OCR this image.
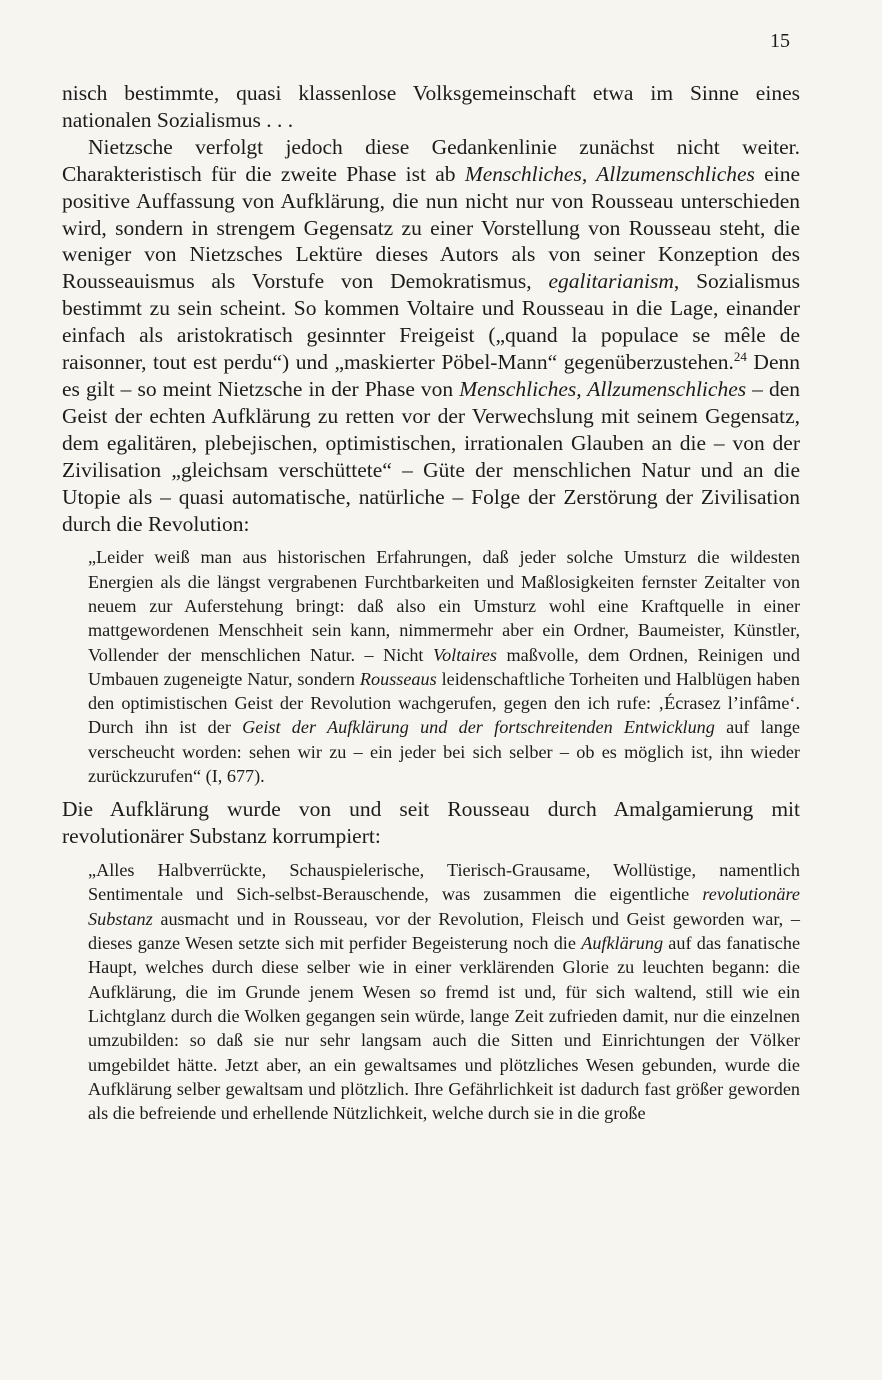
15

nisch bestimmte, quasi klassenlose Volksgemeinschaft etwa im Sinne eines nationalen Sozialismus . . .

Nietzsche verfolgt jedoch diese Gedankenlinie zunächst nicht weiter. Charakteristisch für die zweite Phase ist ab Menschliches, Allzumenschliches eine positive Auffassung von Aufklärung, die nun nicht nur von Rousseau unterschieden wird, sondern in strengem Gegensatz zu einer Vorstellung von Rousseau steht, die weniger von Nietzsches Lektüre dieses Autors als von seiner Konzeption des Rousseauismus als Vorstufe von Demokratismus, egalitarianism, Sozialismus bestimmt zu sein scheint. So kommen Voltaire und Rousseau in die Lage, einander einfach als aristokratisch gesinnter Freigeist („quand la populace se mêle de raisonner, tout est perdu“) und „maskierter Pöbel-Mann“ gegenüberzustehen.$^{24}$ Denn es gilt – so meint Nietzsche in der Phase von Menschliches, Allzumenschliches – den Geist der echten Aufklärung zu retten vor der Verwechslung mit seinem Gegensatz, dem egalitären, plebejischen, optimistischen, irrationalen Glauben an die – von der Zivilisation „gleichsam verschüttete“ – Güte der menschlichen Natur und an die Utopie als – quasi automatische, natürliche – Folge der Zerstörung der Zivilisation durch die Revolution:

„Leider weiß man aus historischen Erfahrungen, daß jeder solche Umsturz die wildesten Energien als die längst vergrabenen Furchtbarkeiten und Maßlosigkeiten fernster Zeitalter von neuem zur Auferstehung bringt: daß also ein Umsturz wohl eine Kraftquelle in einer mattgewordenen Menschheit sein kann, nimmermehr aber ein Ordner, Baumeister, Künstler, Vollender der menschlichen Natur. – Nicht Voltaires maßvolle, dem Ordnen, Reinigen und Umbauen zugeneigte Natur, sondern Rousseaus leidenschaftliche Torheiten und Halblügen haben den optimistischen Geist der Revolution wachgerufen, gegen den ich rufe: ‚Écrasez l’infâme‘. Durch ihn ist der Geist der Aufklärung und der fortschreitenden Entwicklung auf lange verscheucht worden: sehen wir zu – ein jeder bei sich selber – ob es möglich ist, ihn wieder zurückzurufen“ (I, 677).

Die Aufklärung wurde von und seit Rousseau durch Amalgamierung mit revolutionärer Substanz korrumpiert:

„Alles Halbverrückte, Schauspielerische, Tierisch-Grausame, Wollüstige, namentlich Sentimentale und Sich-selbst-Berauschende, was zusammen die eigentliche revolutionäre Substanz ausmacht und in Rousseau, vor der Revolution, Fleisch und Geist geworden war, – dieses ganze Wesen setzte sich mit perfider Begeisterung noch die Aufklärung auf das fanatische Haupt, welches durch diese selber wie in einer verklärenden Glorie zu leuchten begann: die Aufklärung, die im Grunde jenem Wesen so fremd ist und, für sich waltend, still wie ein Lichtglanz durch die Wolken gegangen sein würde, lange Zeit zufrieden damit, nur die einzelnen umzubilden: so daß sie nur sehr langsam auch die Sitten und Einrichtungen der Völker umgebildet hätte. Jetzt aber, an ein gewaltsames und plötzliches Wesen gebunden, wurde die Aufklärung selber gewaltsam und plötzlich. Ihre Gefährlichkeit ist dadurch fast größer geworden als die befreiende und erhellende Nützlichkeit, welche durch sie in die große
